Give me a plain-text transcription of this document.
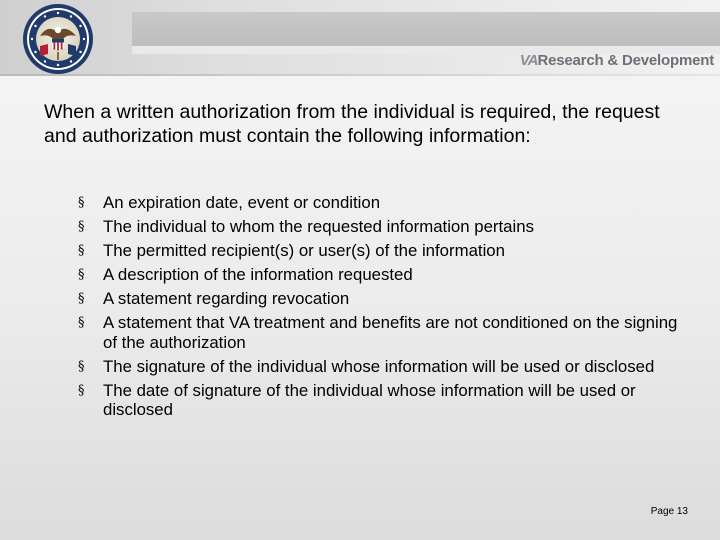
VAResearch & Development
When a written authorization from the individual is required, the request and authorization must contain the following information:
§	An expiration date, event or condition
§	The individual to whom the requested information pertains
§	The permitted recipient(s) or user(s) of the information
§	A description of the information requested
§	A statement regarding revocation
§	A statement that VA treatment and benefits are not conditioned on the signing of the authorization
§	The signature of the individual whose information will be used or disclosed
§	The date of signature of the individual whose information will be used or disclosed
Page 13
